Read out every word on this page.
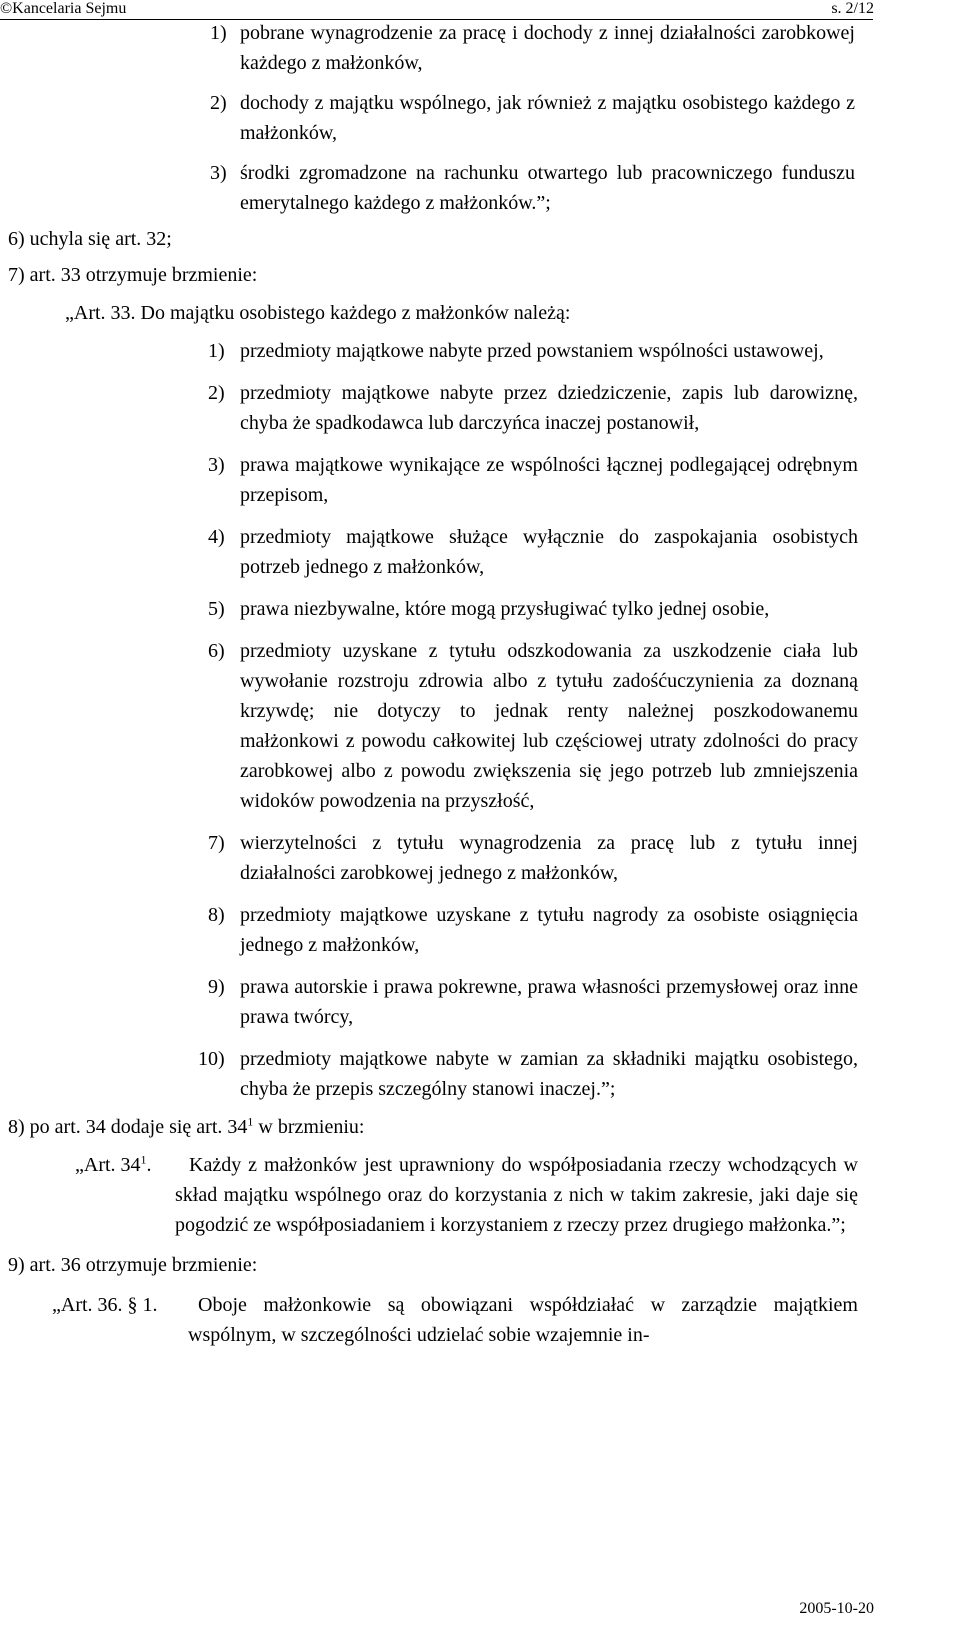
©Kancelaria Sejmu	s. 2/12
1) pobrane wynagrodzenie za pracę i dochody z innej działalności zarobkowej każdego z małżonków,
2) dochody z majątku wspólnego, jak również z majątku osobistego każdego z małżonków,
3) środki zgromadzone na rachunku otwartego lub pracowniczego funduszu emerytalnego każdego z małżonków.”;
6) uchyla się art. 32;
7) art. 33 otrzymuje brzmienie:
„Art. 33. Do majątku osobistego każdego z małżonków należą:
1) przedmioty majątkowe nabyte przed powstaniem wspólności ustawowej,
2) przedmioty majątkowe nabyte przez dziedziczenie, zapis lub darowiznę, chyba że spadkodawca lub darczyńca inaczej postanowił,
3) prawa majątkowe wynikające ze wspólności łącznej podlegającej odrębnym przepisom,
4) przedmioty majątkowe służące wyłącznie do zaspokajania osobistych potrzeb jednego z małżonków,
5) prawa niezbywalne, które mogą przysługiwać tylko jednej osobie,
6) przedmioty uzyskane z tytułu odszkodowania za uszkodzenie ciała lub wywołanie rozstroju zdrowia albo z tytułu zadośćuczynienia za doznaną krzywdę; nie dotyczy to jednak renty należnej poszkodowanemu małżonkowi z powodu całkowitej lub częściowej utraty zdolności do pracy zarobkowej albo z powodu zwiększenia się jego potrzeb lub zmniejszenia widoków powodzenia na przyszłość,
7) wierzytelności z tytułu wynagrodzenia za pracę lub z tytułu innej działalności zarobkowej jednego z małżonków,
8) przedmioty majątkowe uzyskane z tytułu nagrody za osobiste osiągnięcia jednego z małżonków,
9) prawa autorskie i prawa pokrewne, prawa własności przemysłowej oraz inne prawa twórcy,
10) przedmioty majątkowe nabyte w zamian za składniki majątku osobistego, chyba że przepis szczególny stanowi inaczej.”;
8) po art. 34 dodaje się art. $34^1$ w brzmieniu:
„Art. $34^1$.	Każdy z małżonków jest uprawniony do współposiadania rzeczy wchodzących w skład majątku wspólnego oraz do korzystania z nich w takim zakresie, jaki daje się pogodzić ze współposiadaniem i korzystaniem z rzeczy przez drugiego małżonka.”;
9) art. 36 otrzymuje brzmienie:
„Art. 36. § 1.	Oboje małżonkowie są obowiązani współdziałać w zarządzie majątkiem wspólnym, w szczególności udzielać sobie wzajemnie in-
2005-10-20
